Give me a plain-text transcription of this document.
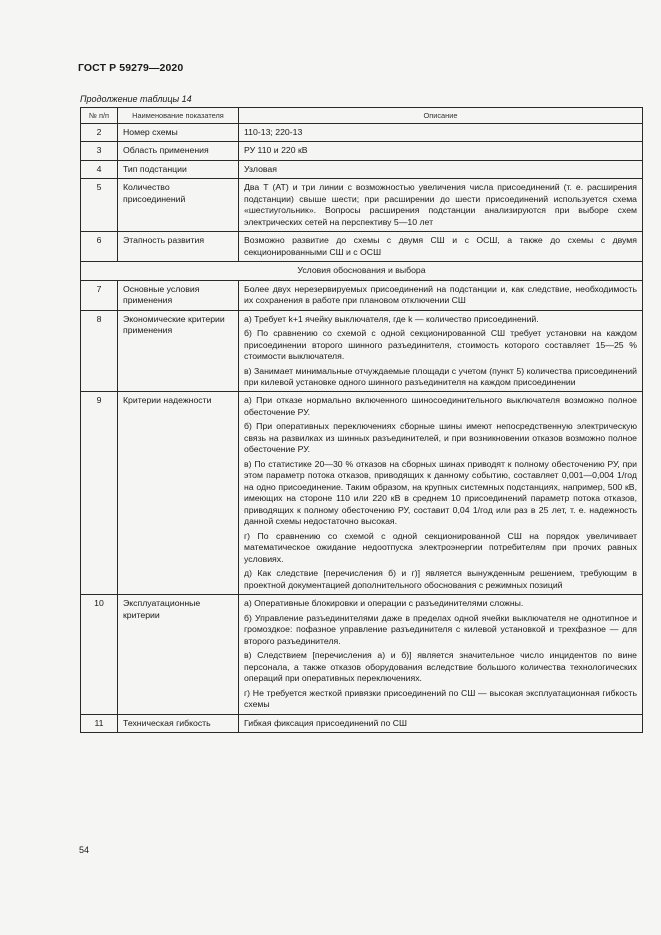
ГОСТ Р 59279—2020
Продолжение таблицы 14
№ п/п	Наименование показателя	Описание
2	Номер схемы	110-13; 220-13

3	Область применения	РУ 110 и 220 кВ

4	Тип подстанции	Узловая

5	Количество присоединений	Два Т (АТ) и три линии с возможностью увеличения числа присоединений (т. е. расширения подстанции) свыше шести; при расширении до шести присоединений используется схема «шестиугольник». Вопросы расширения подстанции анализируются при выборе схем электрических сетей на перспективу 5—10 лет

6	Этапность развития	Возможно развитие до схемы с двумя СШ и с ОСШ, а также до схемы с двумя секционированными СШ и с ОСШ

Условия обоснования и выбора		
7	Основные условия применения	Более двух нерезервируемых присоединений на подстанции и, как следствие, необходимость их сохранения в работе при плановом отключении СШ

8	Экономические критерии применения	а) Требует k+1 ячейку выключателя, где k — количество присоединений.
б) По сравнению со схемой с одной секционированной СШ требует установки на каждом присоединении второго шинного разъединителя, стоимость которого составляет 15—25 % стоимости выключателя.
в) Занимает минимальные отчуждаемые площади с учетом (пункт 5) количества присоединений при килевой установке одного шинного разъединителя на каждом присоединении

9	Критерии надежности	а) При отказе нормально включенного шиносоединительного выключателя возможно полное обесточение РУ.
б) При оперативных переключениях сборные шины имеют непосредственную электрическую связь на развилках из шинных разъединителей, и при возникновении отказов возможно полное обесточение РУ.
в) По статистике 20—30 % отказов на сборных шинах приводят к полному обесточению РУ, при этом параметр потока отказов, приводящих к данному событию, составляет 0,001—0,004 1/год на одно присоединение. Таким образом, на крупных системных подстанциях, например, 500 кВ, имеющих на стороне 110 или 220 кВ в среднем 10 присоединений параметр потока отказов, приводящих к полному обесточению РУ, составит 0,04 1/год или раз в 25 лет, т. е. надежность данной схемы недостаточно высокая.
г) По сравнению со схемой с одной секционированной СШ на порядок увеличивает математическое ожидание недоотпуска электроэнергии потребителям при прочих равных условиях.
д) Как следствие [перечисления б) и г)] является вынужденным решением, требующим в проектной документацией дополнительного обоснования с режимных позиций

10	Эксплуатационные критерии	а) Оперативные блокировки и операции с разъединителями сложны.
б) Управление разъединителями даже в пределах одной ячейки выключателя не однотипное и громоздкое: пофазное управление разъединителя с килевой установкой и трехфазное — для второго разъединителя.
в) Следствием [перечисления а) и б)] является значительное число инцидентов по вине персонала, а также отказов оборудования вследствие большого количества технологических операций при оперативных переключениях.
г) Не требуется жесткой привязки присоединений по СШ — высокая эксплуатационная гибкость схемы

11	Техническая гибкость	Гибкая фиксация присоединений по СШ
54
